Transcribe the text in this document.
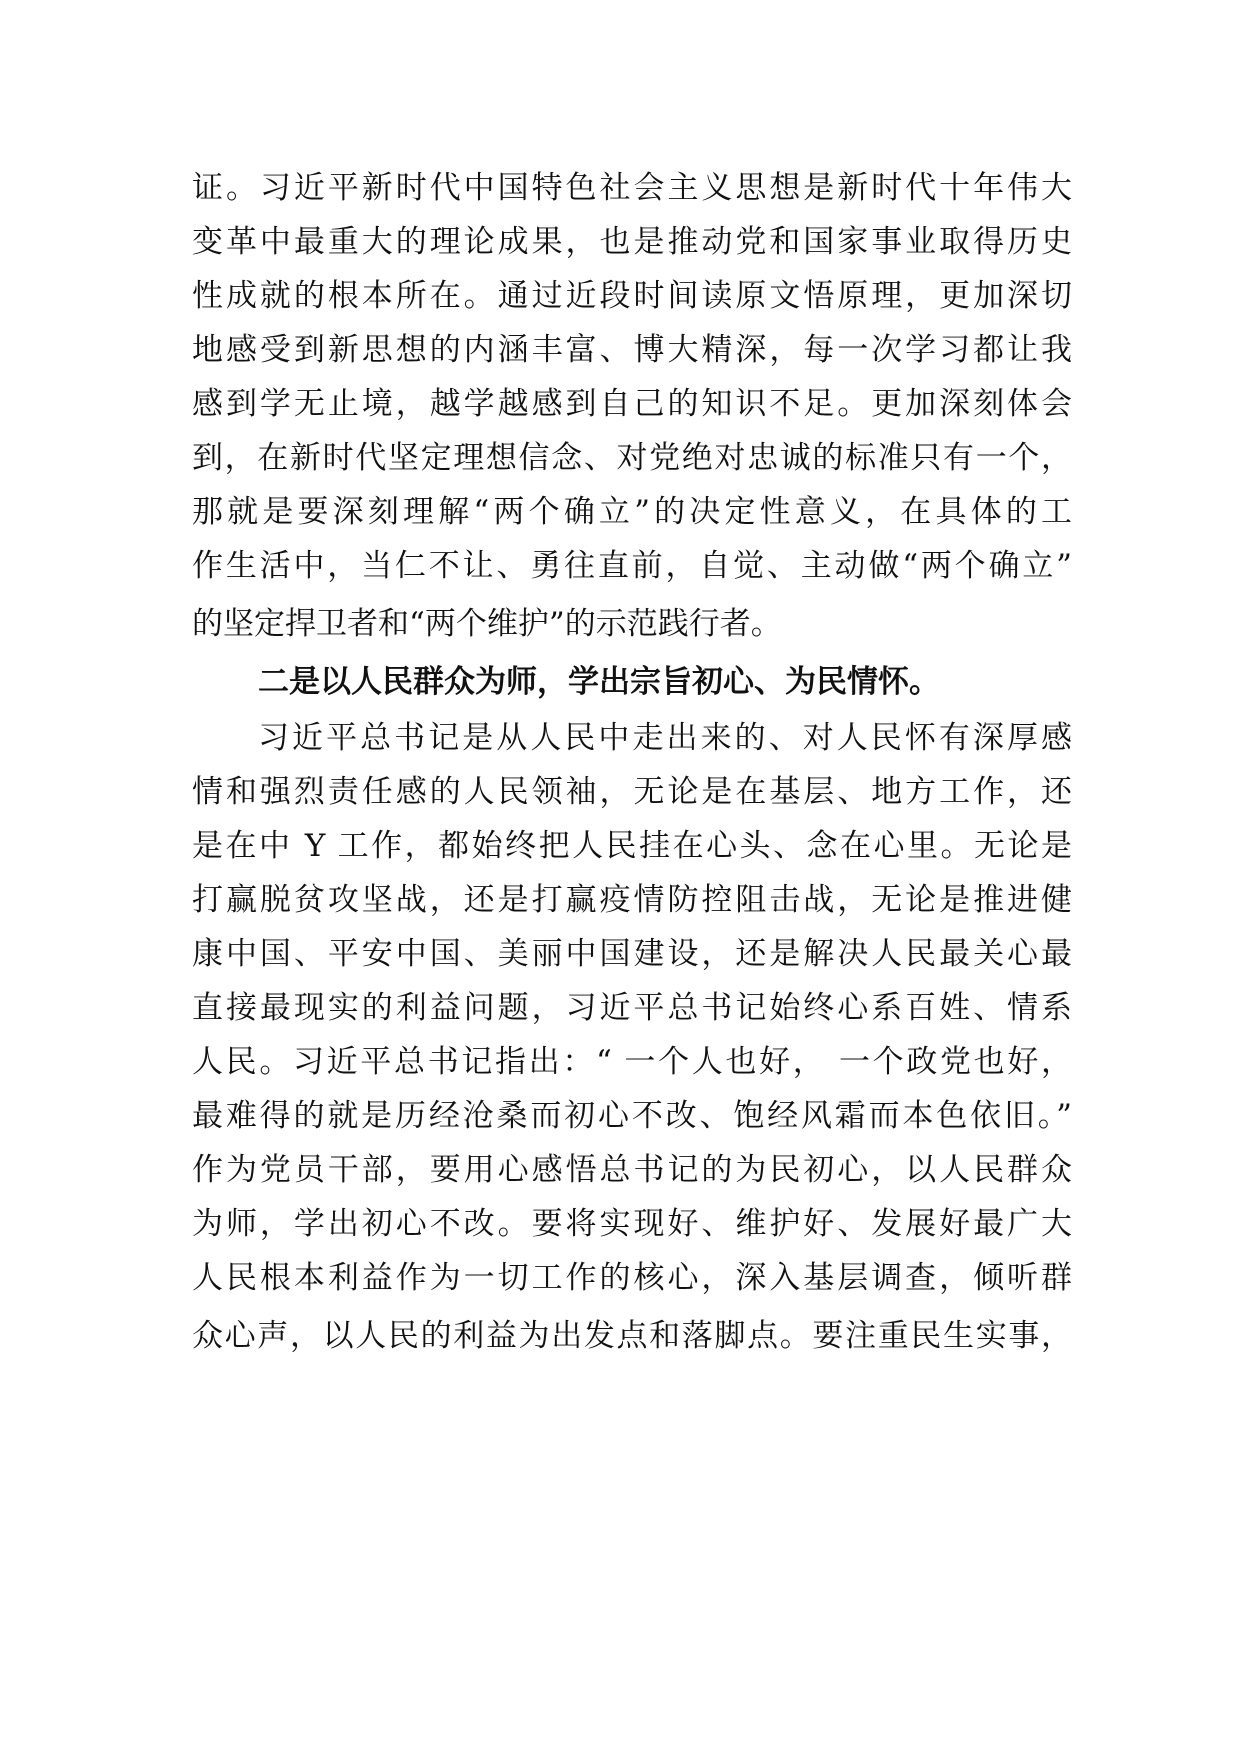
证。习近平新时代中国特色社会主义思想是新时代十年伟大
变革中最重大的理论成果，也是推动党和国家事业取得历史
性成就的根本所在。通过近段时间读原文悟原理，更加深切
地感受到新思想的内涵丰富、博大精深，每一次学习都让我
感到学无止境，越学越感到自己的知识不足。更加深刻体会
到，在新时代坚定理想信念、对党绝对忠诚的标准只有一个，
那就是要深刻理解“两个确立”的决定性意义，在具体的工
作生活中，当仁不让、勇往直前，自觉、主动做“两个确立”
的坚定捍卫者和“两个维护”的示范践行者。
二是以人民群众为师，学出宗旨初心、为民情怀。
习近平总书记是从人民中走出来的、对人民怀有深厚感
情和强烈责任感的人民领袖，无论是在基层、地方工作，还
是在中 Y 工作，都始终把人民挂在心头、念在心里。无论是
打赢脱贫攻坚战，还是打赢疫情防控阻击战，无论是推进健
康中国、平安中国、美丽中国建设，还是解决人民最关心最
直接最现实的利益问题，习近平总书记始终心系百姓、情系
人民。习近平总书记指出：“ 一个人也好， 一个政党也好，
最难得的就是历经沧桑而初心不改、饱经风霜而本色依旧。”
作为党员干部，要用心感悟总书记的为民初心，以人民群众
为师，学出初心不改。要将实现好、维护好、发展好最广大
人民根本利益作为一切工作的核心，深入基层调查，倾听群
众心声，以人民的利益为出发点和落脚点。要注重民生实事，
